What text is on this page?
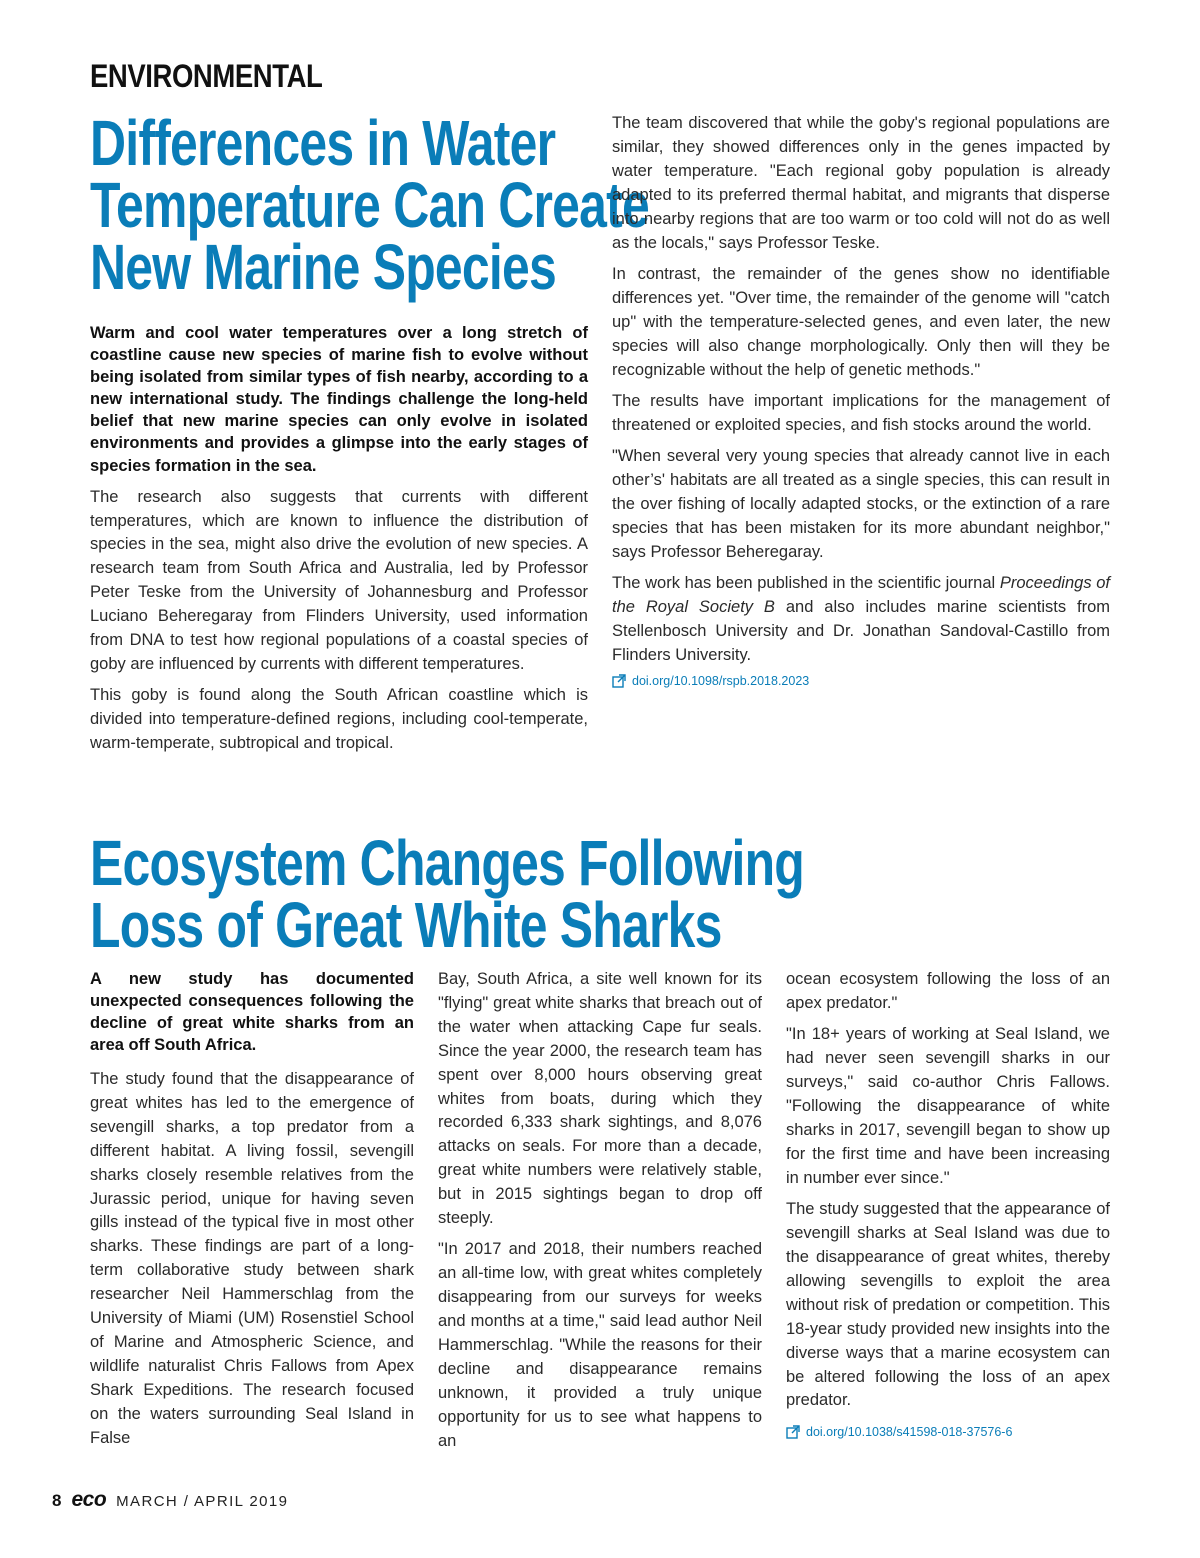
ENVIRONMENTAL
Differences in Water
Temperature Can Create
New Marine Species

Warm and cool water temperatures over a long stretch of coastline cause new species of marine fish to evolve without being isolated from similar types of fish nearby, according to a new international study. The findings challenge the long-held belief that new marine species can only evolve in isolated environments and provides a glimpse into the early stages of species formation in the sea.

The research also suggests that currents with different temperatures, which are known to influence the distribution of species in the sea, might also drive the evolution of new species. A research team from South Africa and Australia, led by Professor Peter Teske from the University of Johannesburg and Professor Luciano Beheregaray from Flinders University, used information from DNA to test how regional populations of a coastal species of goby are influenced by currents with different temperatures.

This goby is found along the South African coastline which is divided into temperature-defined regions, including cool-temperate, warm-temperate, subtropical and tropical.

The team discovered that while the goby's regional populations are similar, they showed differences only in the genes impacted by water temperature. "Each regional goby population is already adapted to its preferred thermal habitat, and migrants that disperse into nearby regions that are too warm or too cold will not do as well as the locals," says Professor Teske.

In contrast, the remainder of the genes show no identifiable differences yet. "Over time, the remainder of the genome will "catch up" with the temperature-selected genes, and even later, the new species will also change morphologically. Only then will they be recognizable without the help of genetic methods."

The results have important implications for the management of threatened or exploited species, and fish stocks around the world.

"When several very young species that already cannot live in each other’s' habitats are all treated as a single species, this can result in the over fishing of locally adapted stocks, or the extinction of a rare species that has been mistaken for its more abundant neighbor," says Professor Beheregaray.

The work has been published in the scientific journal Proceedings of the Royal Society B and also includes marine scientists from Stellenbosch University and Dr. Jonathan Sandoval-Castillo from Flinders University.

doi.org/10.1098/rspb.2018.2023
Ecosystem Changes Following
Loss of Great White Sharks

A new study has documented unexpected consequences following the decline of great white sharks from an area off South Africa.

The study found that the disappearance of great whites has led to the emergence of sevengill sharks, a top predator from a different habitat. A living fossil, sevengill sharks closely resemble relatives from the Jurassic period, unique for having seven gills instead of the typical five in most other sharks. These findings are part of a long-term collaborative study between shark researcher Neil Hammerschlag from the University of Miami (UM) Rosenstiel School of Marine and Atmospheric Science, and wildlife naturalist Chris Fallows from Apex Shark Expeditions. The research focused on the waters surrounding Seal Island in False

Bay, South Africa, a site well known for its "flying" great white sharks that breach out of the water when attacking Cape fur seals. Since the year 2000, the research team has spent over 8,000 hours observing great whites from boats, during which they recorded 6,333 shark sightings, and 8,076 attacks on seals. For more than a decade, great white numbers were relatively stable, but in 2015 sightings began to drop off steeply.

"In 2017 and 2018, their numbers reached an all-time low, with great whites completely disappearing from our surveys for weeks and months at a time," said lead author Neil Hammerschlag. "While the reasons for their decline and disappearance remains unknown, it provided a truly unique opportunity for us to see what happens to an

ocean ecosystem following the loss of an apex predator."

"In 18+ years of working at Seal Island, we had never seen sevengill sharks in our surveys," said co-author Chris Fallows. "Following the disappearance of white sharks in 2017, sevengill began to show up for the first time and have been increasing in number ever since."

The study suggested that the appearance of sevengill sharks at Seal Island was due to the disappearance of great whites, thereby allowing sevengills to exploit the area without risk of predation or competition. This 18-year study provided new insights into the diverse ways that a marine ecosystem can be altered following the loss of an apex predator.

doi.org/10.1038/s41598-018-37576-6
8 eco MARCH / APRIL 2019
